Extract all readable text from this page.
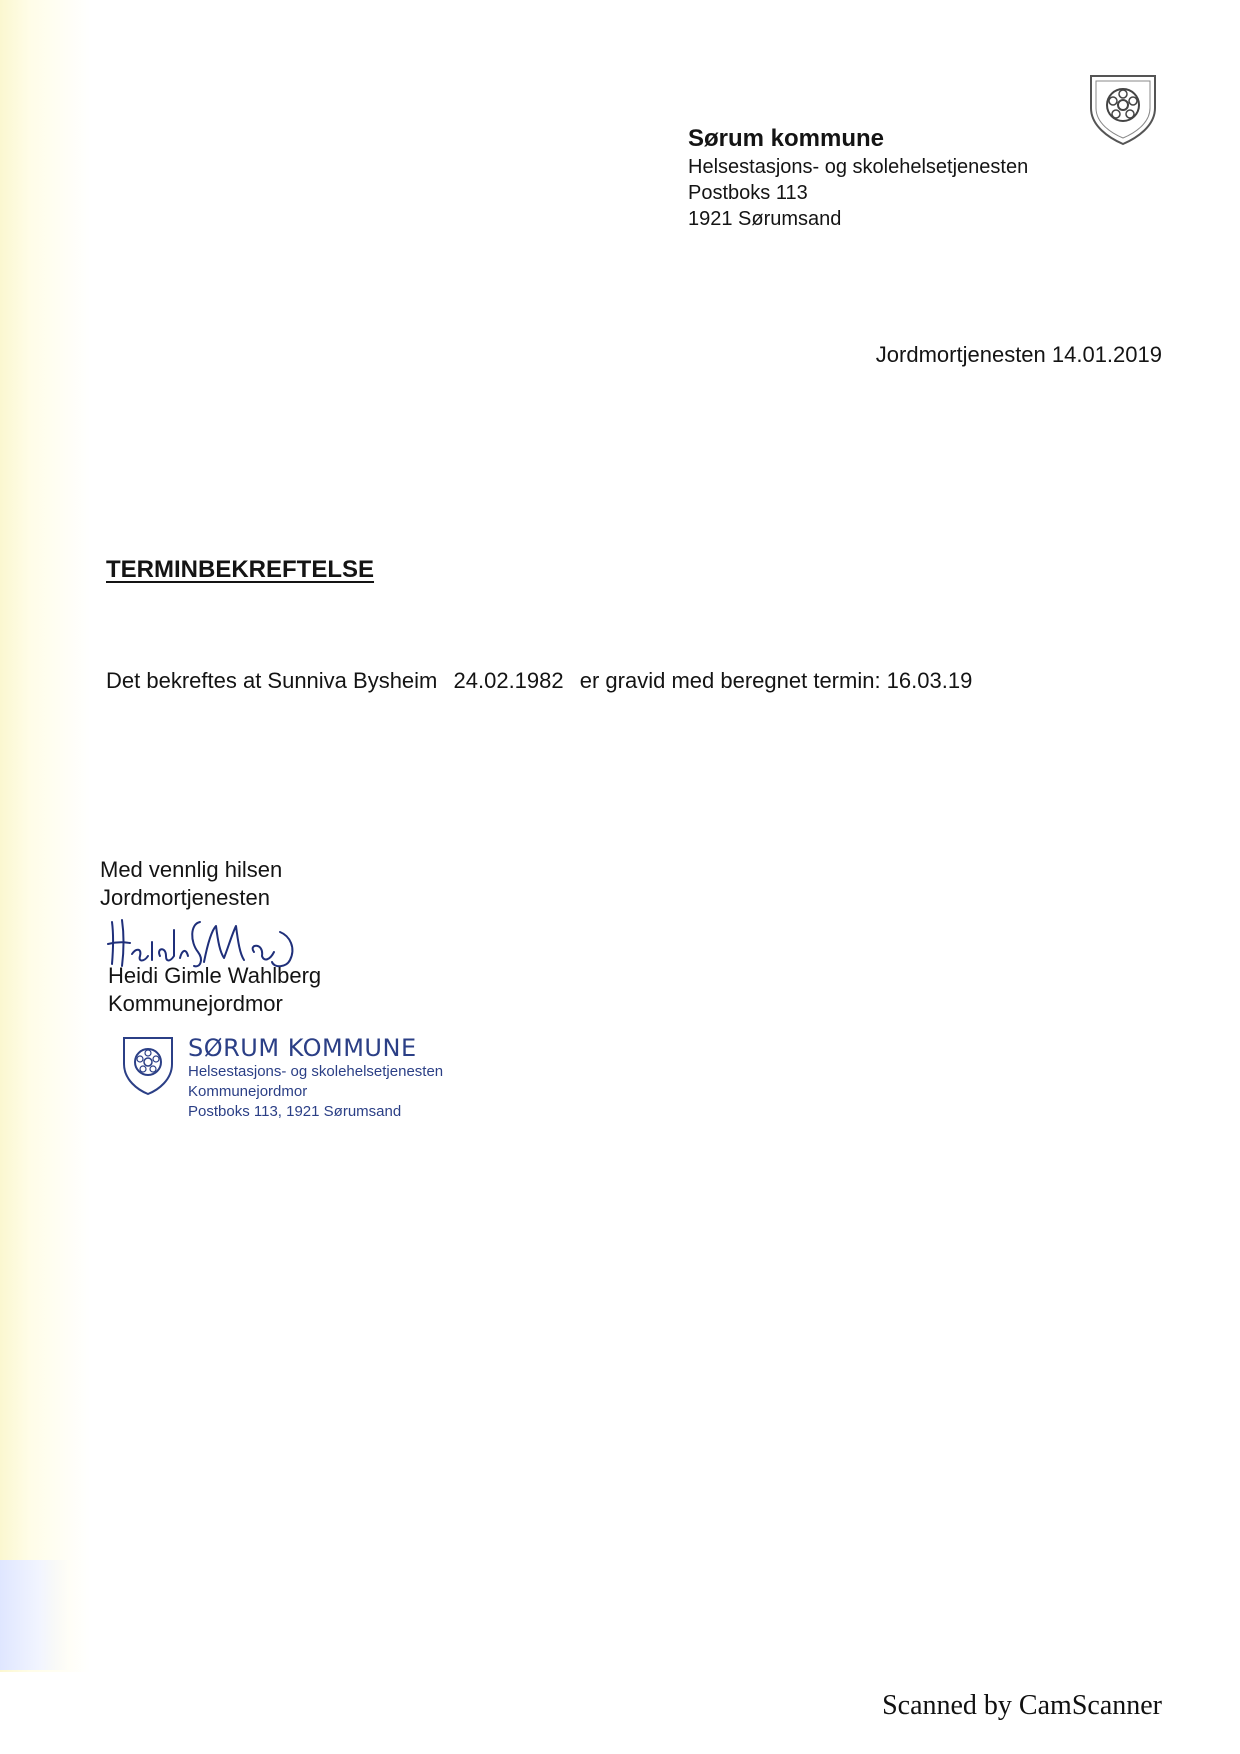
Sørum kommune
Helsestasjons- og skolehelsetjenesten
Postboks 113
1921 Sørumsand
Jordmortjenesten 14.01.2019
TERMINBEKREFTELSE
Det bekreftes at Sunniva Bysheim 24.02.1982 er gravid med beregnet termin: 16.03.19
Med vennlig hilsen
Jordmortjenesten
Heidi Gimle Wahlberg
Kommunejordmor
SØRUM KOMMUNE
Helsestasjons- og skolehelsetjenesten
Kommunejordmor
Postboks 113, 1921 Sørumsand
Scanned by CamScanner
